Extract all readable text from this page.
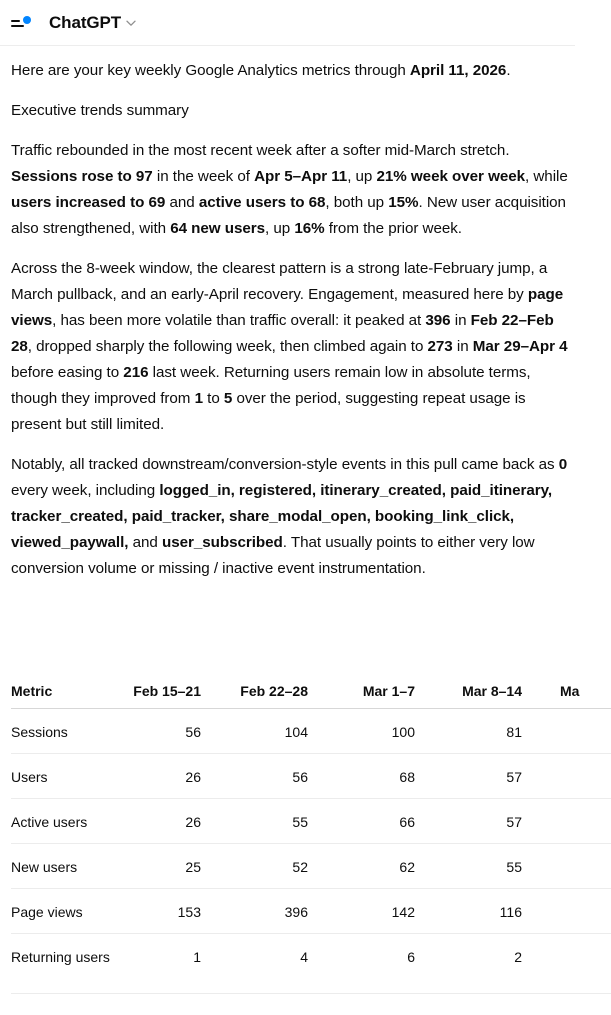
ChatGPT

Here are your key weekly Google Analytics metrics through April 11, 2026.

Executive trends summary

Traffic rebounded in the most recent week after a softer mid-March stretch. Sessions rose to 97 in the week of Apr 5–Apr 11, up 21% week over week, while users increased to 69 and active users to 68, both up 15%. New user acquisition also strengthened, with 64 new users, up 16% from the prior week.

Across the 8-week window, the clearest pattern is a strong late-February jump, a March pullback, and an early-April recovery. Engagement, measured here by page views, has been more volatile than traffic overall: it peaked at 396 in Feb 22–Feb 28, dropped sharply the following week, then climbed again to 273 in Mar 29–Apr 4 before easing to 216 last week. Returning users remain low in absolute terms, though they improved from 1 to 5 over the period, suggesting repeat usage is present but still limited.

Notably, all tracked downstream/conversion-style events in this pull came back as 0 every week, including logged_in, registered, itinerary_created, paid_itinerary, tracker_created, paid_tracker, share_modal_open, booking_link_click, viewed_paywall, and user_subscribed. That usually points to either very low conversion volume or missing / inactive event instrumentation.

Metric	Feb 15–21	Feb 22–28	Mar 1–7	Mar 8–14	Ma
Sessions	56	104	100	81	
Users	26	56	68	57	
Active users	26	55	66	57	
New users	25	52	62	55	
Page views	153	396	142	116	
Returning users	1	4	6	2	
